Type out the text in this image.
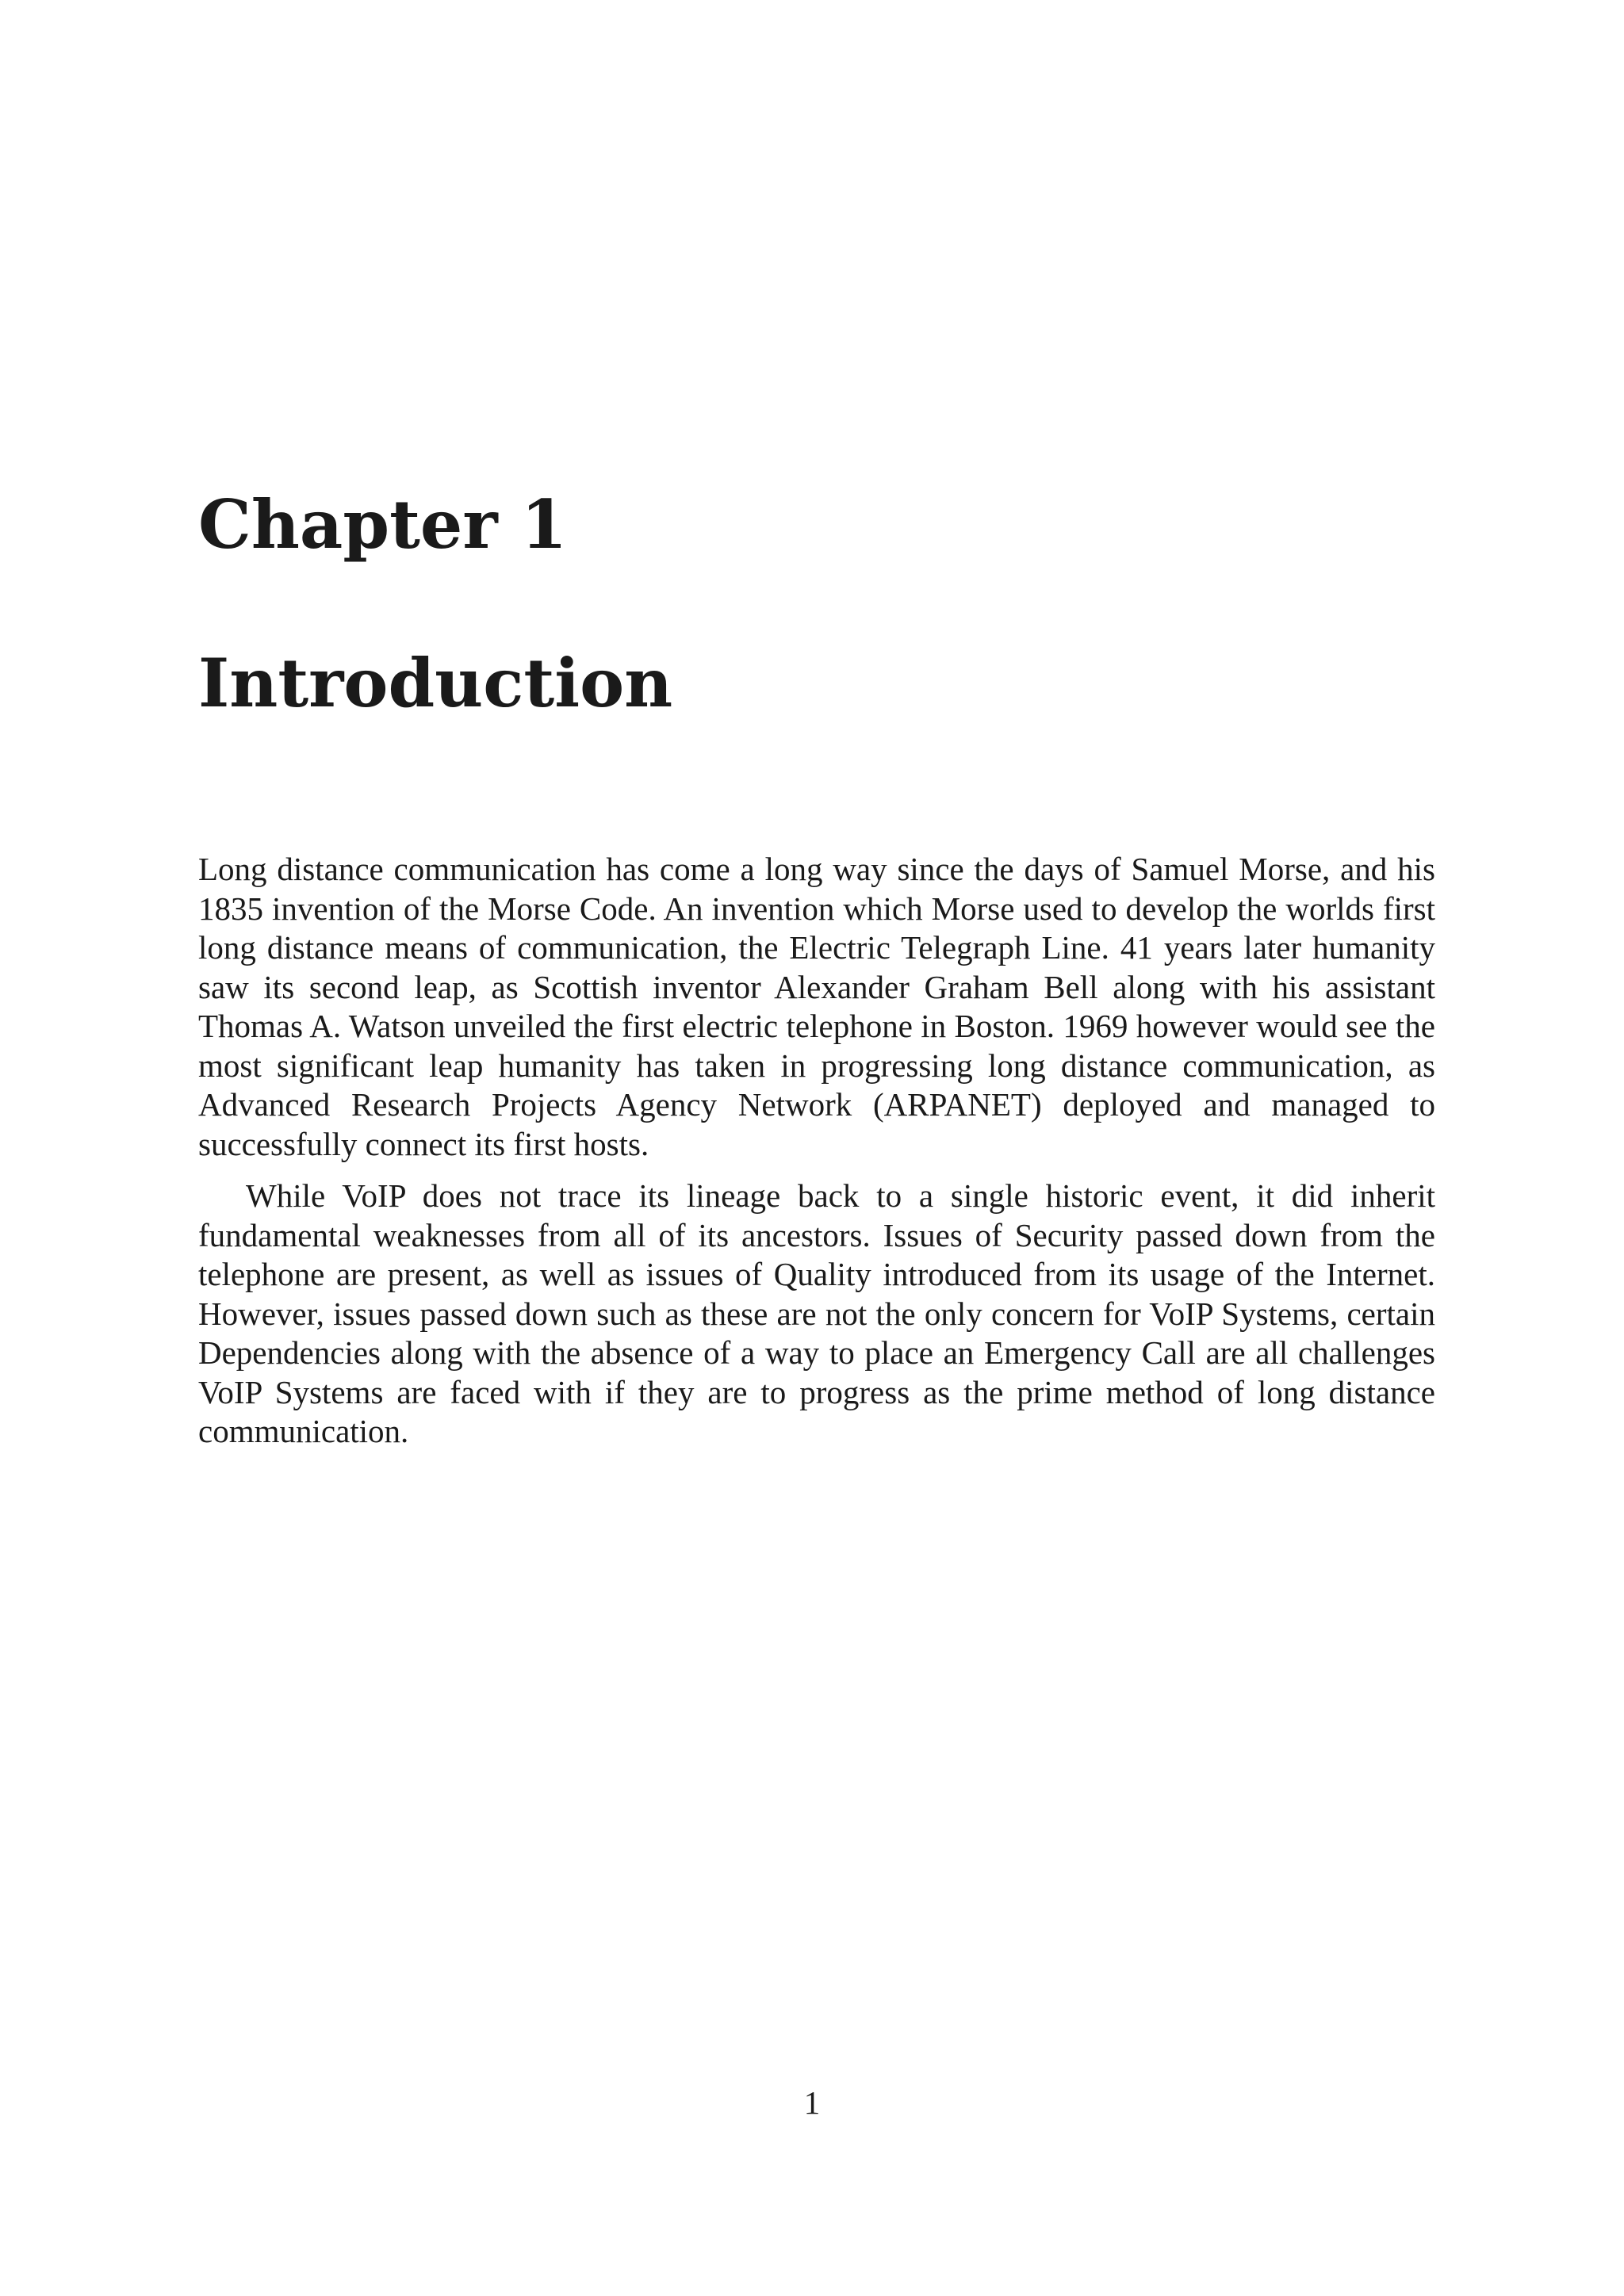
Chapter 1
Introduction

Long distance communication has come a long way since the days of Samuel Morse, and his 1835 invention of the Morse Code. An invention which Morse used to develop the worlds first long distance means of communication, the Electric Telegraph Line. 41 years later humanity saw its second leap, as Scottish inventor Alexander Graham Bell along with his assistant Thomas A. Watson unveiled the first electric telephone in Boston. 1969 however would see the most significant leap humanity has taken in progressing long distance communication, as Advanced Research Projects Agency Network (ARPANET) deployed and managed to successfully connect its first hosts.

While VoIP does not trace its lineage back to a single historic event, it did inherit fundamental weaknesses from all of its ancestors. Issues of Security passed down from the telephone are present, as well as issues of Quality introduced from its usage of the Internet. However, issues passed down such as these are not the only concern for VoIP Systems, certain Dependencies along with the absence of a way to place an Emergency Call are all challenges VoIP Systems are faced with if they are to progress as the prime method of long distance communication.

1
